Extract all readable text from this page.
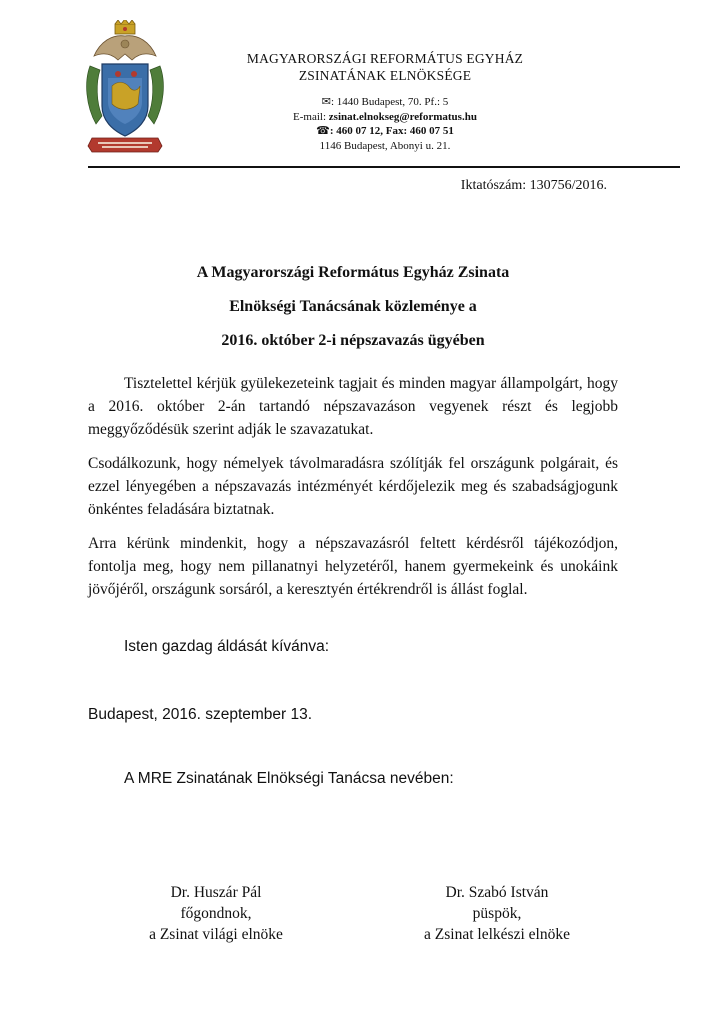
MAGYARORSZÁGI REFORMÁTUS EGYHÁZ
ZSINATÁNAK ELNÖKSÉGE
✉: 1440 Budapest, 70. Pf.: 5
E-mail: zsinat.elnokseg@reformatus.hu
☎: 460 07 12, Fax: 460 07 51
1146 Budapest, Abonyi u. 21.
Iktatószám: 130756/2016.
A Magyarországi Református Egyház Zsinata
Elnökségi Tanácsának közleménye a
2016. október 2-i népszavazás ügyében

Tisztelettel kérjük gyülekezeteink tagjait és minden magyar állampolgárt, hogy a 2016. október 2-án tartandó népszavazáson vegyenek részt és legjobb meggyőződésük szerint adják le szavazatukat.

Csodálkozunk, hogy némelyek távolmaradásra szólítják fel országunk polgárait, és ezzel lényegében a népszavazás intézményét kérdőjelezik meg és szabadságjogunk önkéntes feladására biztatnak.

Arra kérünk mindenkit, hogy a népszavazásról feltett kérdésről tájékozódjon, fontolja meg, hogy nem pillanatnyi helyzetéről, hanem gyermekeink és unokáink jövőjéről, országunk sorsáról, a keresztyén értékrendről is állást foglal.

Isten gazdag áldását kívánva:
Budapest, 2016. szeptember 13.
A MRE Zsinatának Elnökségi Tanácsa nevében:
Dr. Huszár Pál
főgondnok,
a Zsinat világi elnöke
Dr. Szabó István
püspök,
a Zsinat lelkészi elnöke
